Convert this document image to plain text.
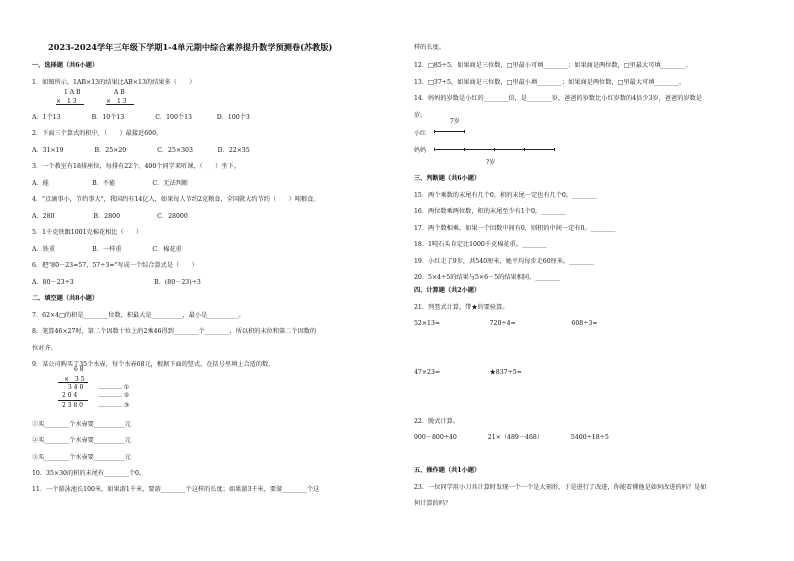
2023-2024学年三年级下学期1-4单元期中综合素养提升数学预测卷(苏教版)
一、选择题（共6小题）
1．如图所示，1AB×13的结果比AB×13的结果多（　　）
A．1个13　　　　　B．10个13　　　　　C．100个13　　　　D．100个3
2．下面三个算式的积中，（　　）最接近600。
A．31×19　　　　　B．25×20　　　　　C．25×303　　　　D．22×35
3．一个教室有18排座位，每排有22个。400个同学来听课，（　　）坐下。
A．能　　　　　　　B．不能　　　　　　C．无法判断
4．"点滴事小，节约事大"，我国约有14亿人，如果每人节约2克粮食，全国就大约节约（　　）吨粮食。
A．280　　　　　　 B．2800　　　　　　C．28000
5．1千克铁跟1001克棉花相比（　　）
A．铁重　　　　　　B．一样重　　　　　C．棉花重
6．把"80－23=57，57÷3="写成一个综合算式是（　　）
A．80－23÷3　　　　　　　　　　　　　B．(80－23)÷3
二、填空题（共8小题）
7．62×4□的积是________位数，积最大是__________，最小是__________。
8．笔算46×27时，第二个因数十位上的2乘46得到________个________，所以积的末位和第二个因数的
位对齐。
9．某公司购买了35个水壶，每个水壶68元，根据下面的竖式，在括号里填上合适的数。
①买________个水壶要__________元
②买________个水壶要__________元
③买________个水壶要__________元
10．35×30的积的末尾有________个0。
11．一个游泳池长100米，如果游1千米，要游________个这样的长度；如果游3千米，要游________个这
样的长度。
12．□85÷5，如果商是三位数，□里最小可填________；如果商是两位数，□里最大可填________。
13．□37÷5，如果商是三位数，□里最小填________；如果商是两位数，□里最大可填________。
14．妈妈的岁数是小红的________倍，是________岁，爸爸的岁数比小红岁数的4倍少3岁，爸爸的岁数是
岁。
三、判断题（共6小题）
15．两个乘数的末尾有几个0，积的末尾一定也有几个0。________
16．两位数乘两位数，积的末尾至少有1个0。________
17．两个数相乘，如果一个因数中间有0，则积的中间一定有0。________
18．1吨石头肯定比1000千克棉花重。________
19．小红走了9步，共540厘米，她平均每步走60厘米。________
20．5×4÷5的结果与5×6－5的结果相同。________
四、计算题（共2小题）
21．列竖式计算，带★的要验算。
52×13=　　　　　　　　720÷4=　　　　　　　　　608÷3=
47×23=　　　　　　　　★837÷5=
22．脱式计算。
900－800÷40　　　　　21×（489－468）　　　　　5400÷18÷5
五、操作题（共1小题）
23．一位同学用小刀具计算时发现一个一个是大刻形，于是进行了改进，你能看懂他是如何改进的吗？是如
何计算的吗？
1 A B
×　1 3
A B
×　1 3
6 8
×　3 5
3 4 0 ………… ①
2 0 4	………… ②
2 3 8 0	………… ③
7岁
小红
妈妈
?岁
